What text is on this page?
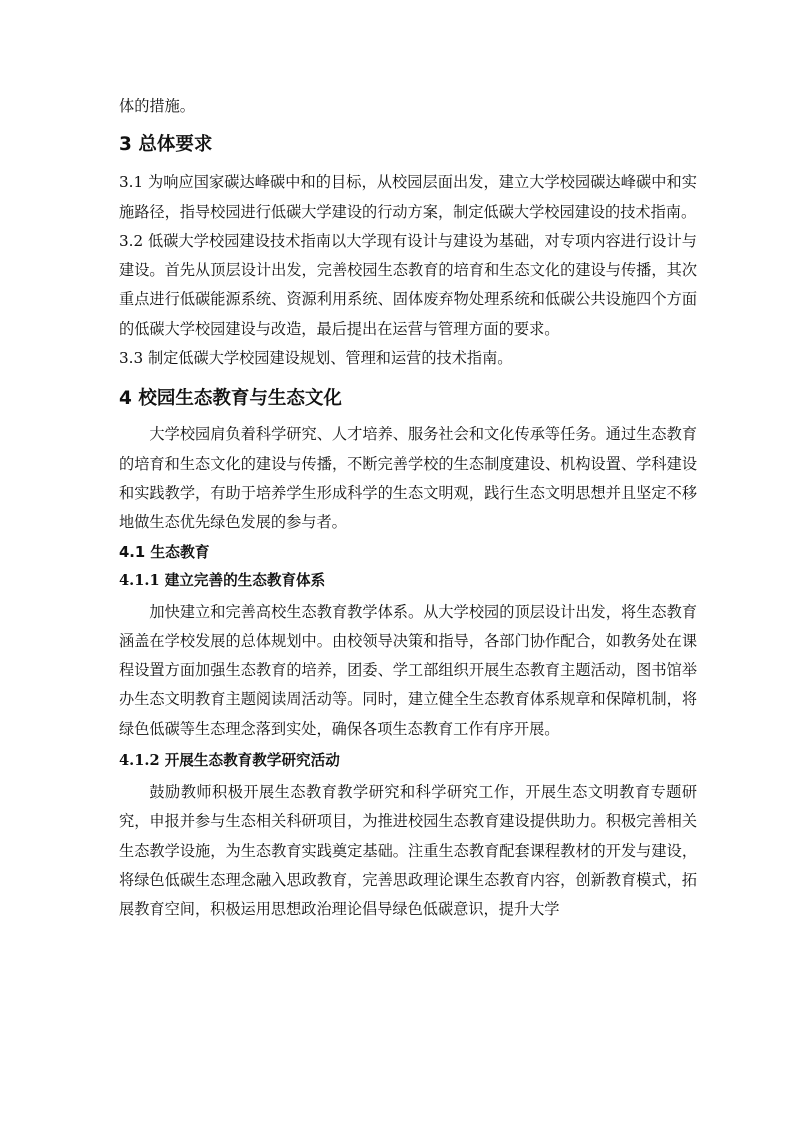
体的措施。

3 总体要求

3.1 为响应国家碳达峰碳中和的目标，从校园层面出发，建立大学校园碳达峰碳中和实施路径，指导校园进行低碳大学建设的行动方案，制定低碳大学校园建设的技术指南。

3.2 低碳大学校园建设技术指南以大学现有设计与建设为基础，对专项内容进行设计与建设。首先从顶层设计出发，完善校园生态教育的培育和生态文化的建设与传播，其次重点进行低碳能源系统、资源利用系统、固体废弃物处理系统和低碳公共设施四个方面的低碳大学校园建设与改造，最后提出在运营与管理方面的要求。

3.3 制定低碳大学校园建设规划、管理和运营的技术指南。

4 校园生态教育与生态文化

大学校园肩负着科学研究、人才培养、服务社会和文化传承等任务。通过生态教育的培育和生态文化的建设与传播，不断完善学校的生态制度建设、机构设置、学科建设和实践教学，有助于培养学生形成科学的生态文明观，践行生态文明思想并且坚定不移地做生态优先绿色发展的参与者。

4.1 生态教育
4.1.1 建立完善的生态教育体系

加快建立和完善高校生态教育教学体系。从大学校园的顶层设计出发，将生态教育涵盖在学校发展的总体规划中。由校领导决策和指导，各部门协作配合，如教务处在课程设置方面加强生态教育的培养，团委、学工部组织开展生态教育主题活动，图书馆举办生态文明教育主题阅读周活动等。同时，建立健全生态教育体系规章和保障机制，将绿色低碳等生态理念落到实处，确保各项生态教育工作有序开展。

4.1.2 开展生态教育教学研究活动

鼓励教师积极开展生态教育教学研究和科学研究工作，开展生态文明教育专题研究，申报并参与生态相关科研项目，为推进校园生态教育建设提供助力。积极完善相关生态教学设施，为生态教育实践奠定基础。注重生态教育配套课程教材的开发与建设，将绿色低碳生态理念融入思政教育，完善思政理论课生态教育内容，创新教育模式，拓展教育空间，积极运用思想政治理论倡导绿色低碳意识，提升大学
